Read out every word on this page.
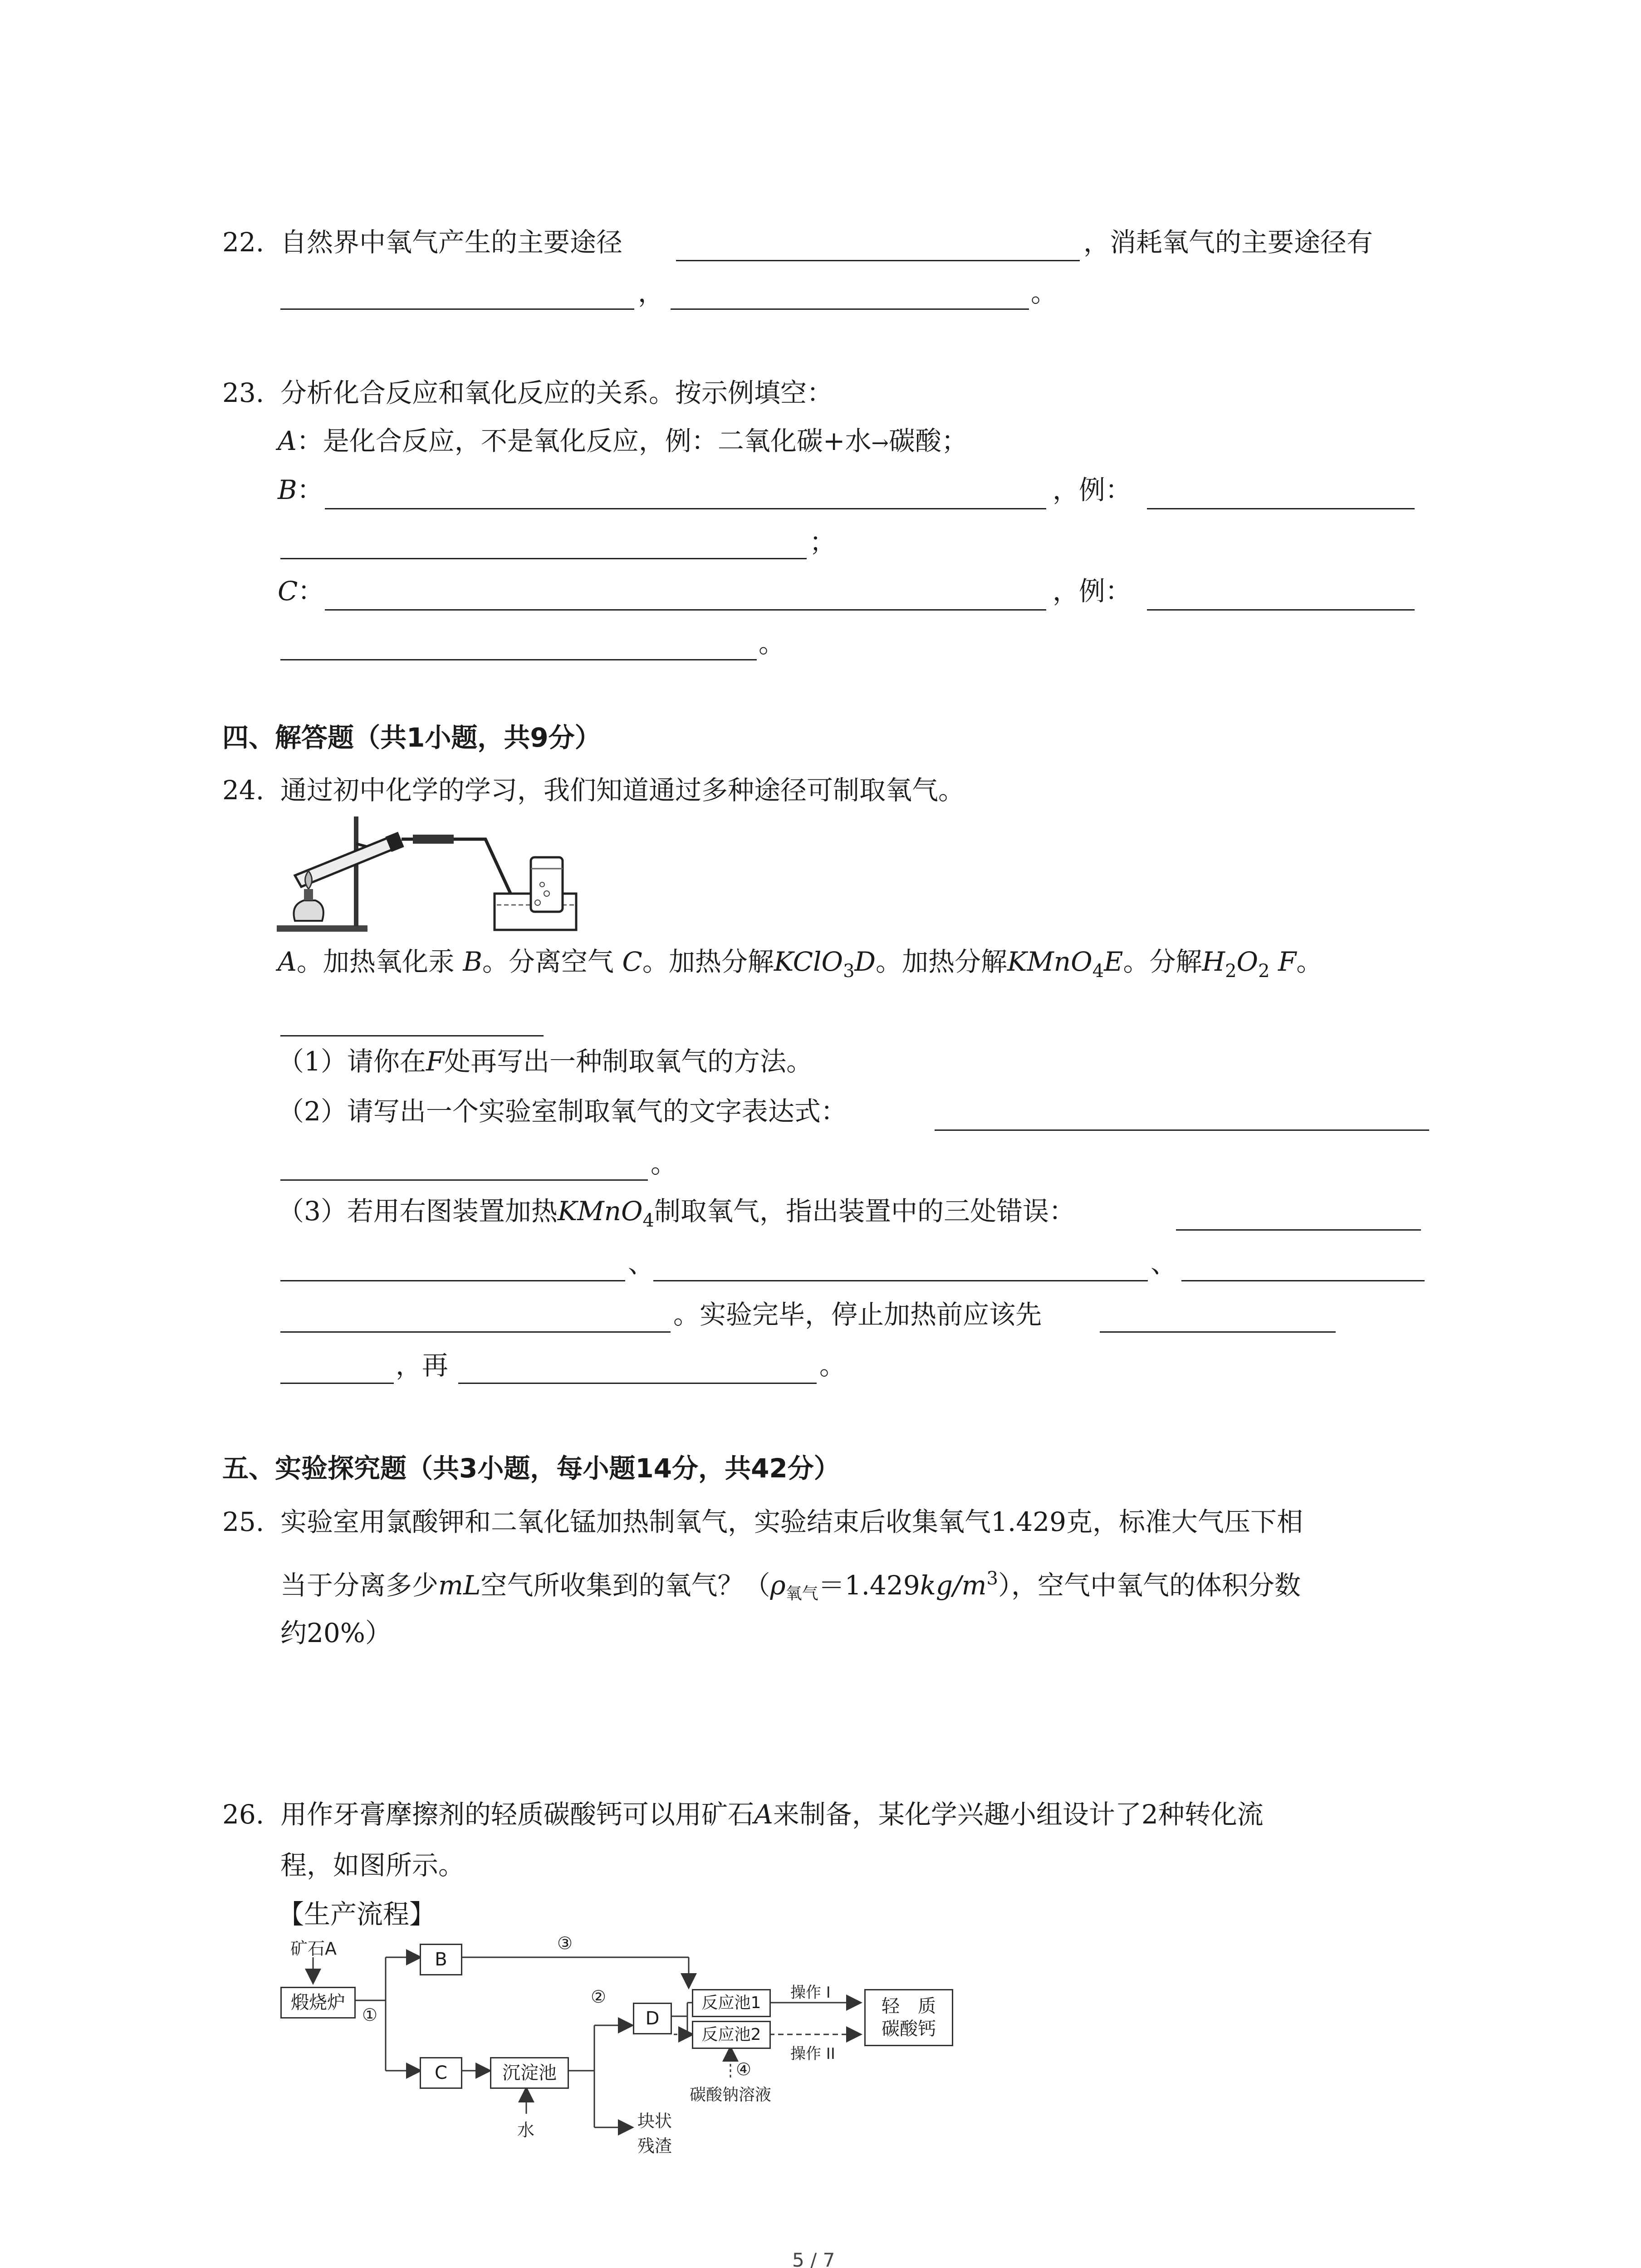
22. 自然界中氧气产生的主要途径	，消耗氧气的主要途径有
，	。
23. 分析化合反应和氧化反应的关系。按示例填空：
A：是化合反应，不是氧化反应，例：二氧化碳+水→碳酸；
B：	，例：
；
C：	，例：
。
四、解答题（共1小题，共9分）
24. 通过初中化学的学习，我们知道通过多种途径可制取氧气。
A。加热氧化汞 B。分离空气 C。加热分解KClO$_3$D。加热分解KMnO$_4$E。分解$H_2O_2$ F。
（1）请你在F处再写出一种制取氧气的方法。
（2）请写出一个实验室制取氧气的文字表达式：
。
（3）若用右图装置加热KMnO$_4$制取氧气，指出装置中的三处错误：
、	、
。实验完毕，停止加热前应该先
，再	。
五、实验探究题（共3小题，每小题14分，共42分）
25. 实验室用氯酸钾和二氧化锰加热制氧气，实验结束后收集氧气1.429克，标准大气压下相
当于分离多少mL空气所收集到的氧气？（ρ氧气$=1.429kg/m^3$），空气中氧气的体积分数
约20%）
26. 用作牙膏摩擦剂的轻质碳酸钙可以用矿石A来制备，某化学兴趣小组设计了2种转化流
程，如图所示。
【生产流程】
矿石A
煅烧炉
①
B
③
C	沉淀池
水
②
D
块状
残渣
反应池1
反应池2
操作 I
操作 II
④
碳酸钠溶液
轻　质
碳酸钙
5 / 7
